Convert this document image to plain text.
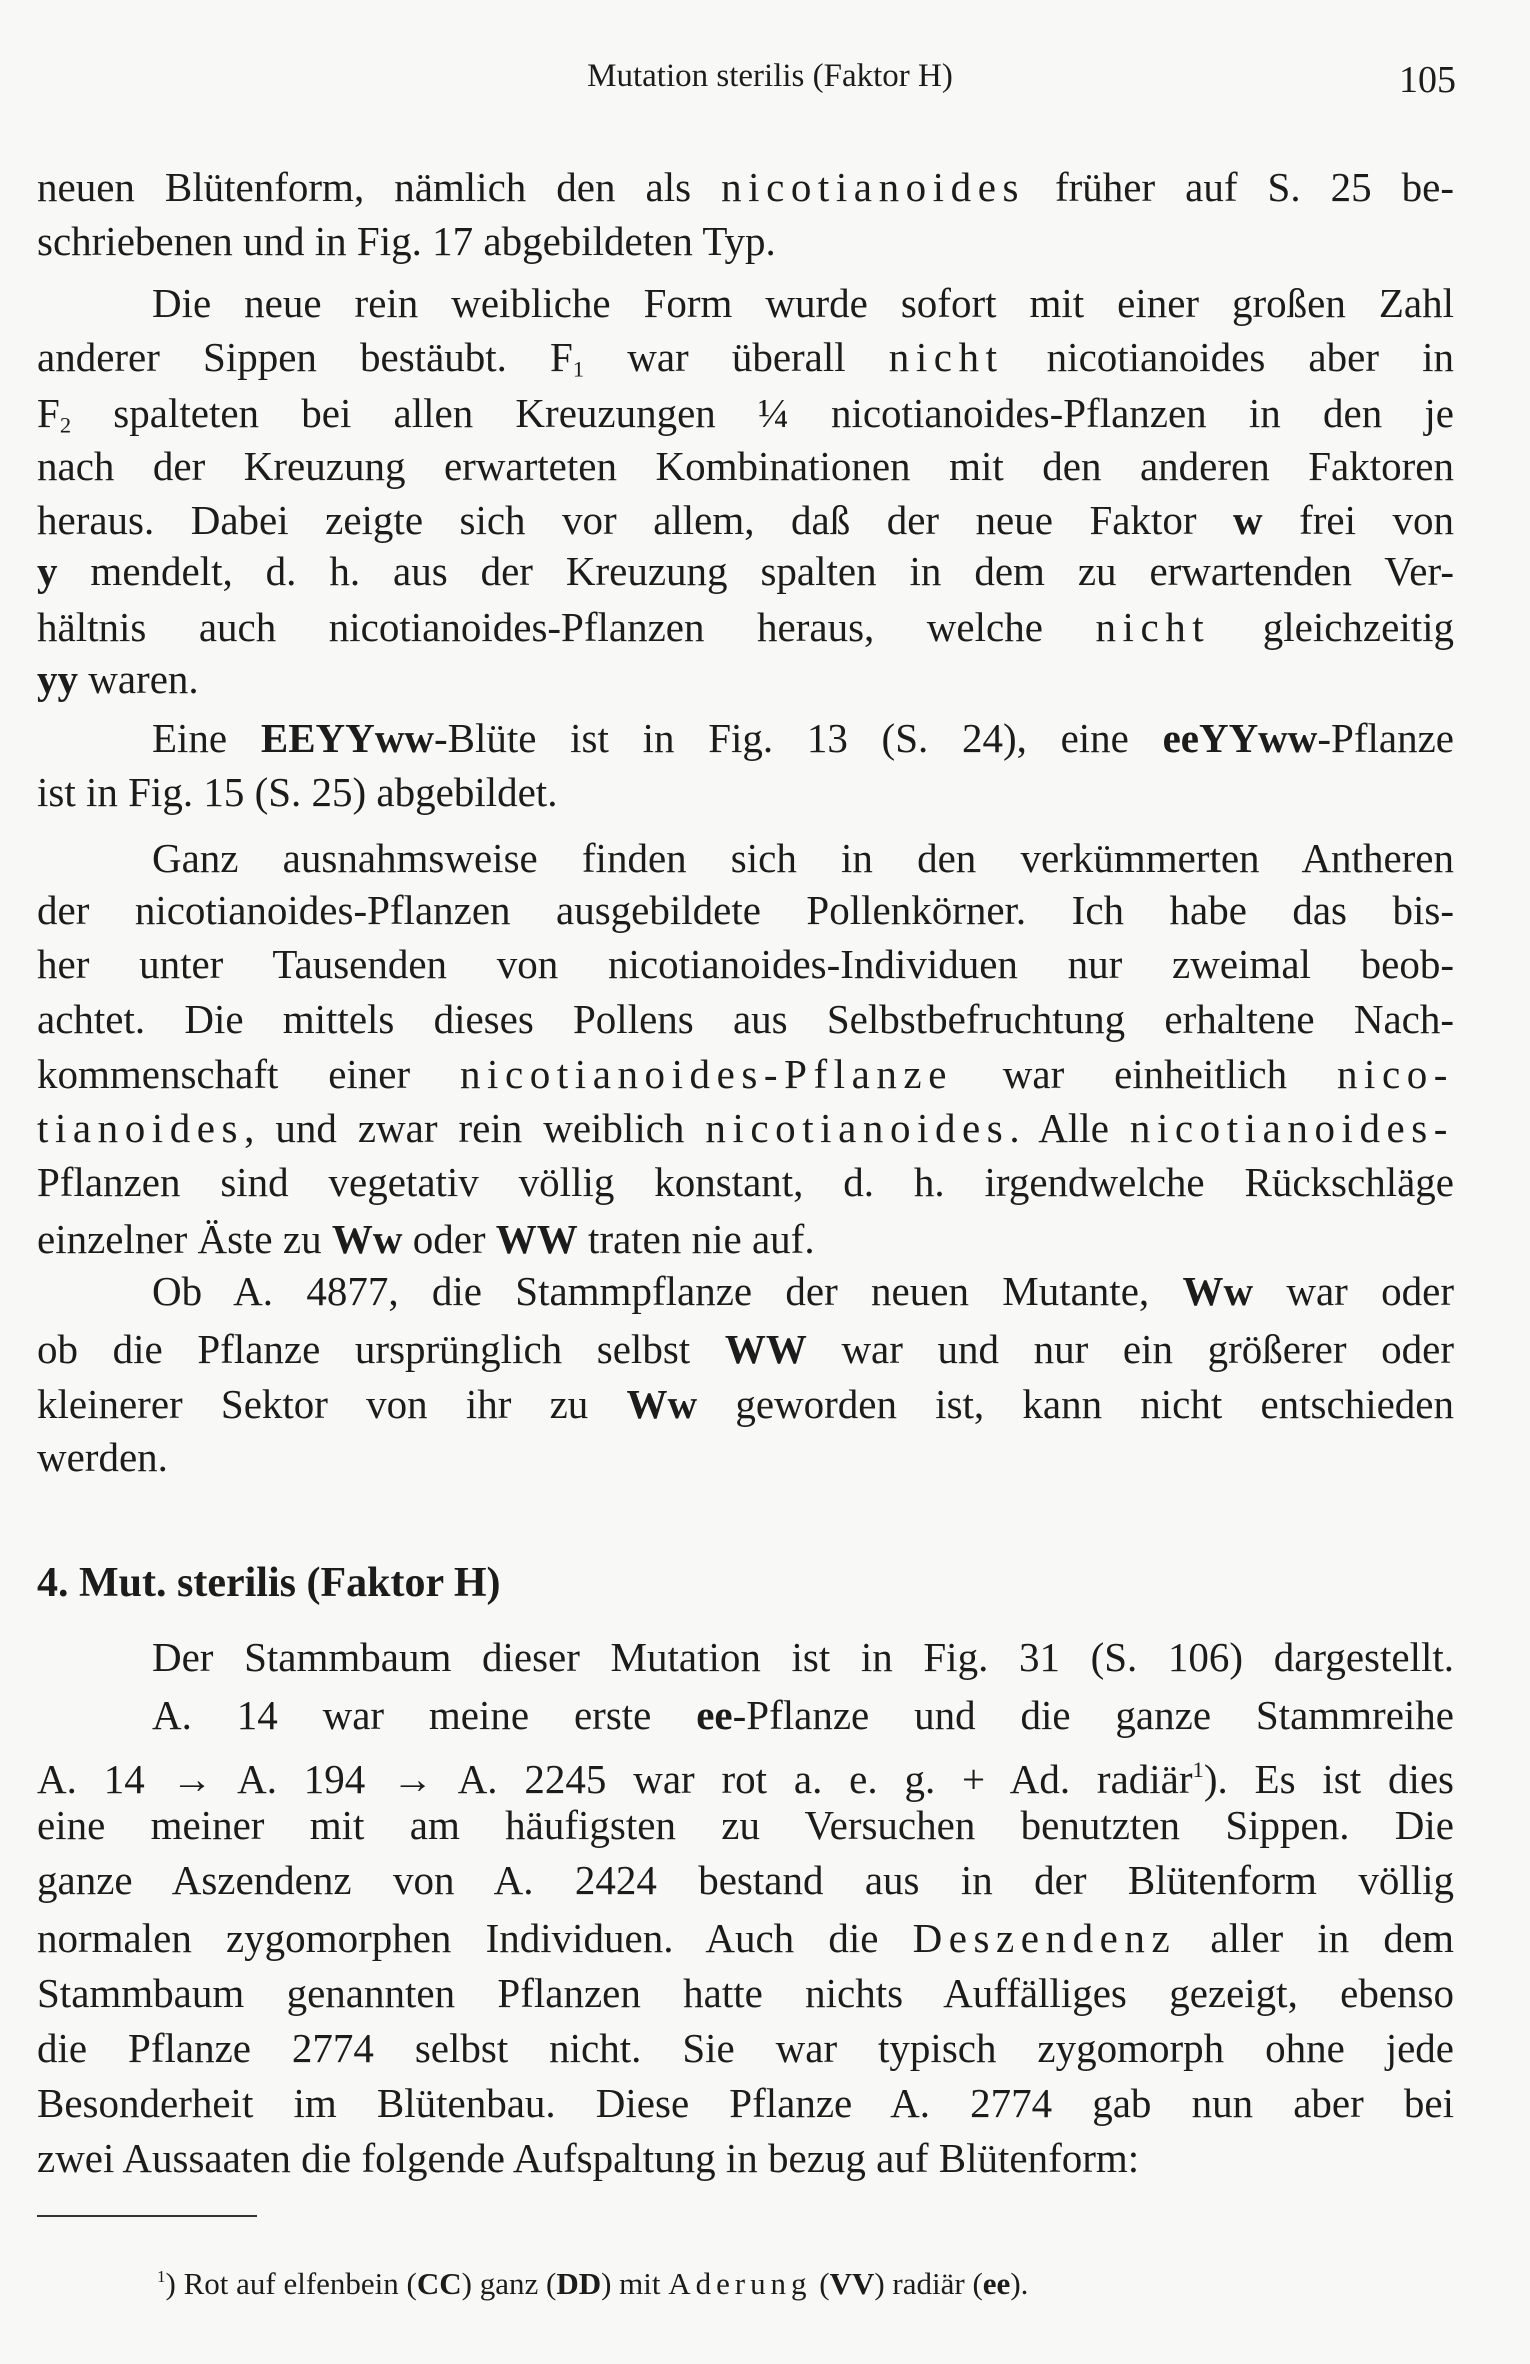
Mutation sterilis (Faktor H)	105
neuen Blütenform, nämlich den als nicotianoides früher auf S. 25 be-
schriebenen und in Fig. 17 abgebildeten Typ.
Die neue rein weibliche Form wurde sofort mit einer großen Zahl
anderer Sippen bestäubt. $F_1$ war überall nicht nicotianoides aber in
$F_2$ spalteten bei allen Kreuzungen ¼ nicotianoides-Pflanzen in den je
nach der Kreuzung erwarteten Kombinationen mit den anderen Faktoren
heraus. Dabei zeigte sich vor allem, daß der neue Faktor w frei von
y mendelt, d. h. aus der Kreuzung spalten in dem zu erwartenden Ver-
hältnis auch nicotianoides-Pflanzen heraus, welche nicht gleichzeitig
yy waren.
Eine EEYYww-Blüte ist in Fig. 13 (S. 24), eine eeYYww-Pflanze
ist in Fig. 15 (S. 25) abgebildet.
Ganz ausnahmsweise finden sich in den verkümmerten Antheren
der nicotianoides-Pflanzen ausgebildete Pollenkörner. Ich habe das bis-
her unter Tausenden von nicotianoides-Individuen nur zweimal beob-
achtet. Die mittels dieses Pollens aus Selbstbefruchtung erhaltene Nach-
kommenschaft einer nicotianoides-Pflanze war einheitlich nico-
tianoides, und zwar rein weiblich nicotianoides. Alle nicotianoides-
Pflanzen sind vegetativ völlig konstant, d. h. irgendwelche Rückschläge
einzelner Äste zu Ww oder WW traten nie auf.
Ob A. 4877, die Stammpflanze der neuen Mutante, Ww war oder
ob die Pflanze ursprünglich selbst WW war und nur ein größerer oder
kleinerer Sektor von ihr zu Ww geworden ist, kann nicht entschieden
werden.
Der Stammbaum dieser Mutation ist in Fig. 31 (S. 106) dargestellt.
A. 14 war meine erste ee-Pflanze und die ganze Stammreihe
A. 14 → A. 194 → A. 2245 war rot a. e. g. + Ad. radiär$^1$). Es ist dies
eine meiner mit am häufigsten zu Versuchen benutzten Sippen. Die
ganze Aszendenz von A. 2424 bestand aus in der Blütenform völlig
normalen zygomorphen Individuen. Auch die Deszendenz aller in dem
Stammbaum genannten Pflanzen hatte nichts Auffälliges gezeigt, ebenso
die Pflanze 2774 selbst nicht. Sie war typisch zygomorph ohne jede
Besonderheit im Blütenbau. Diese Pflanze A. 2774 gab nun aber bei
zwei Aussaaten die folgende Aufspaltung in bezug auf Blütenform:
4. Mut. sterilis (Faktor H)
$^1$) Rot auf elfenbein (CC) ganz (DD) mit Aderung (VV) radiär (ee).
